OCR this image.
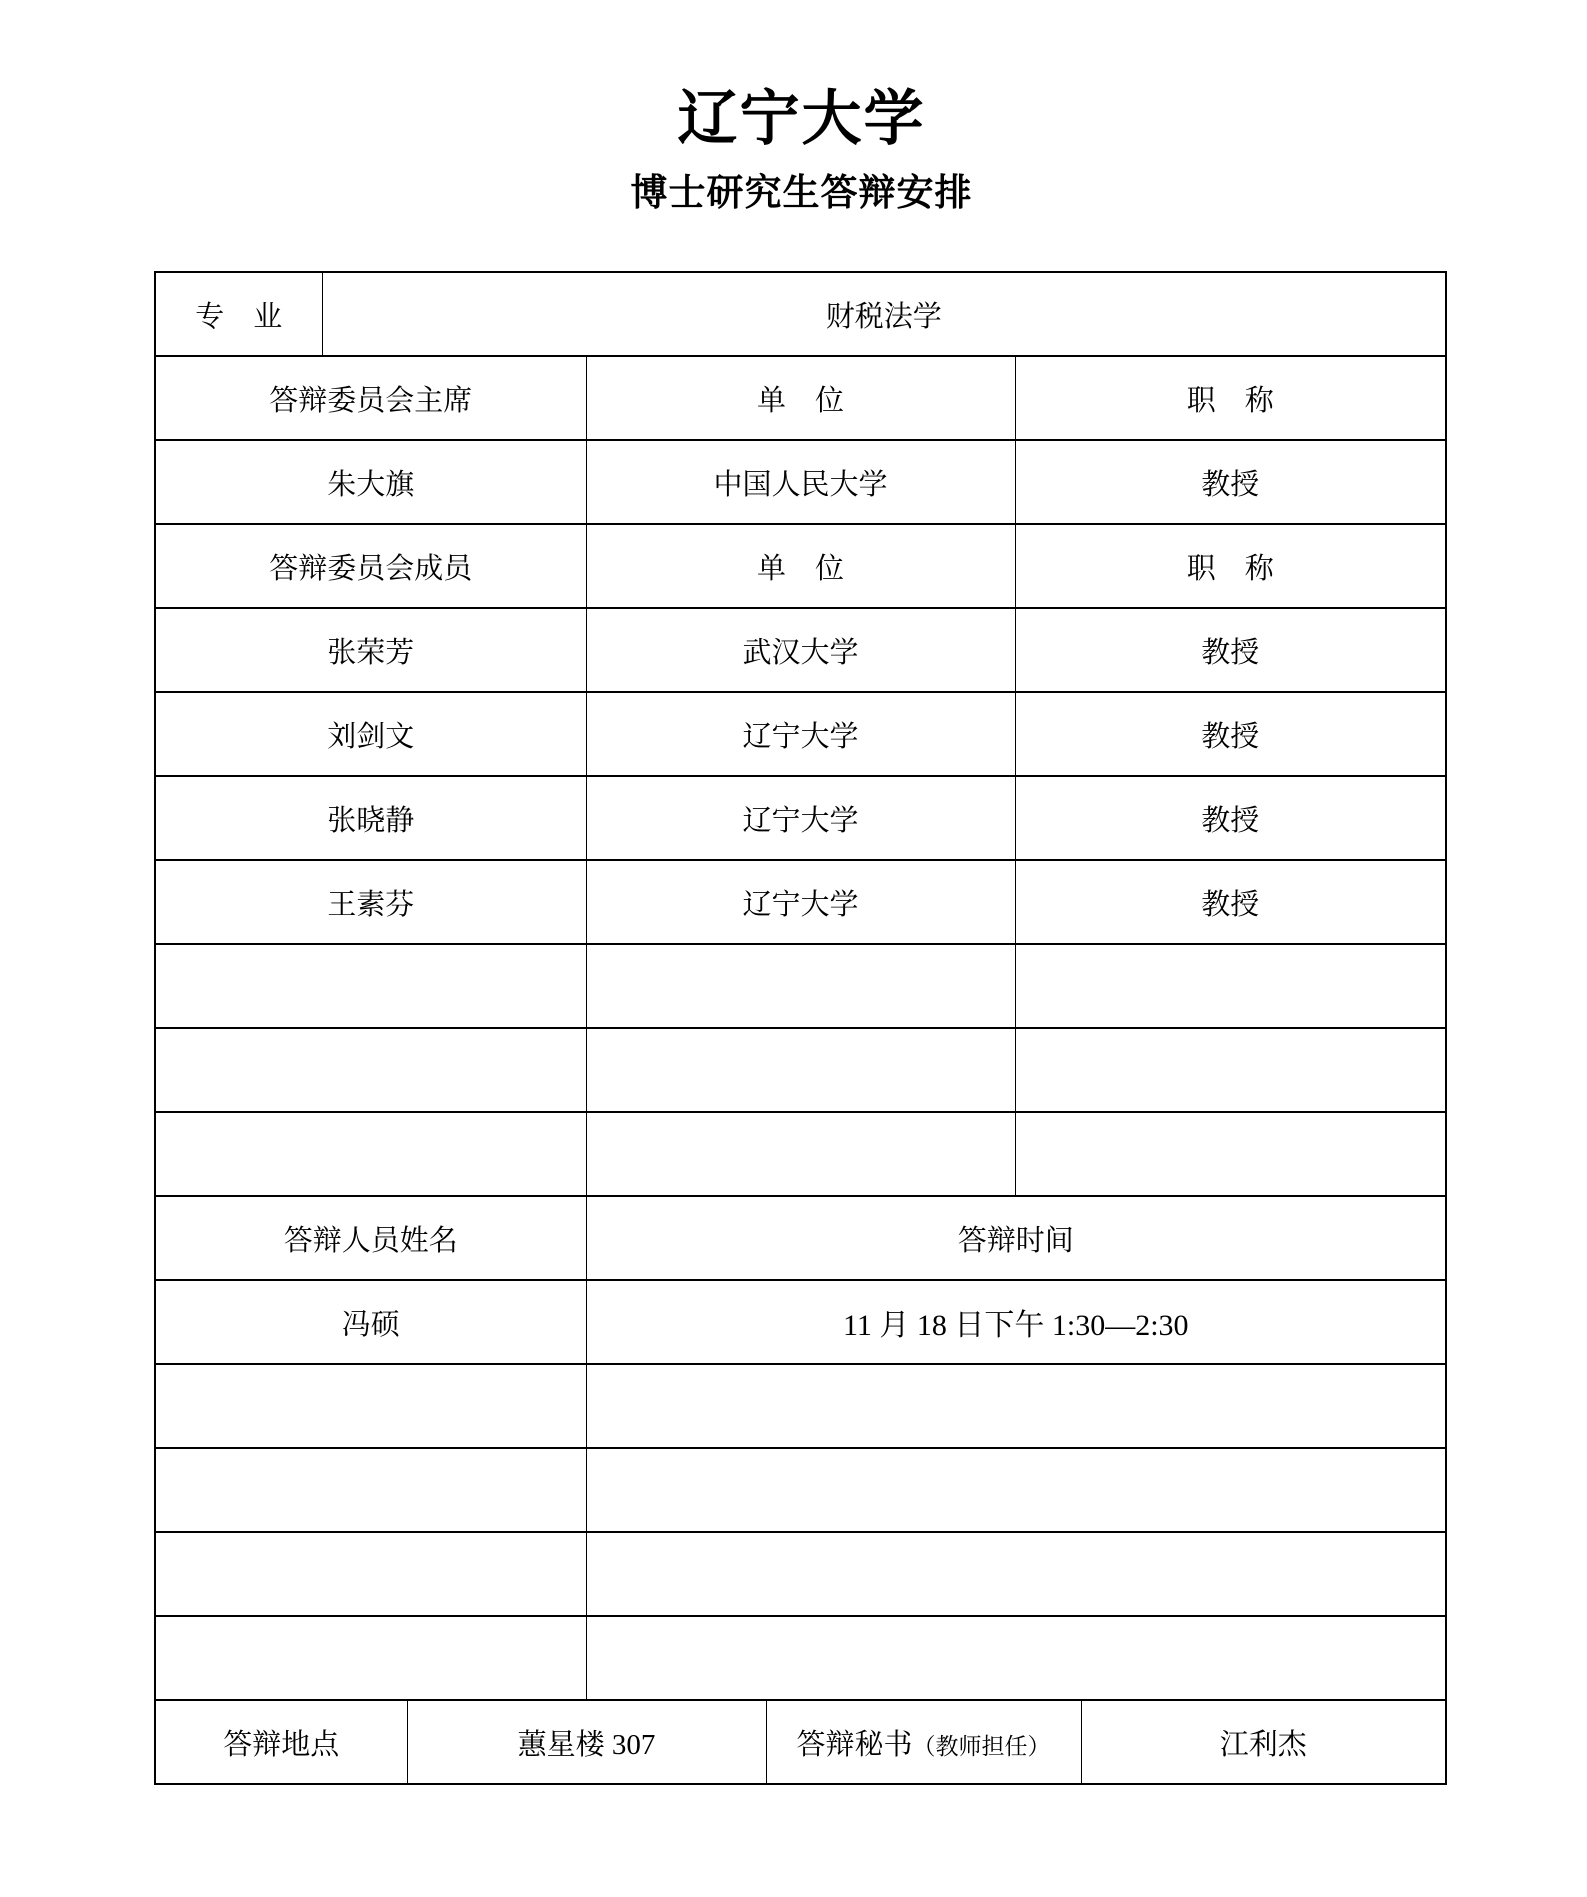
辽宁大学
博士研究生答辩安排
专　业	财税法学					
答辩委员会主席			单　位		职　称	
朱大旗			中国人民大学		教授	
答辩委员会成员			单　位		职　称	
张荣芳			武汉大学		教授	
刘剑文			辽宁大学		教授	
张晓静			辽宁大学		教授	
王素芬			辽宁大学		教授	

答辩人员姓名			答辩时间			
冯硕			11 月 18 日下午 1:30—2:30			

答辩地点		蕙星楼 307		答辩秘书（教师担任）		江利杰
